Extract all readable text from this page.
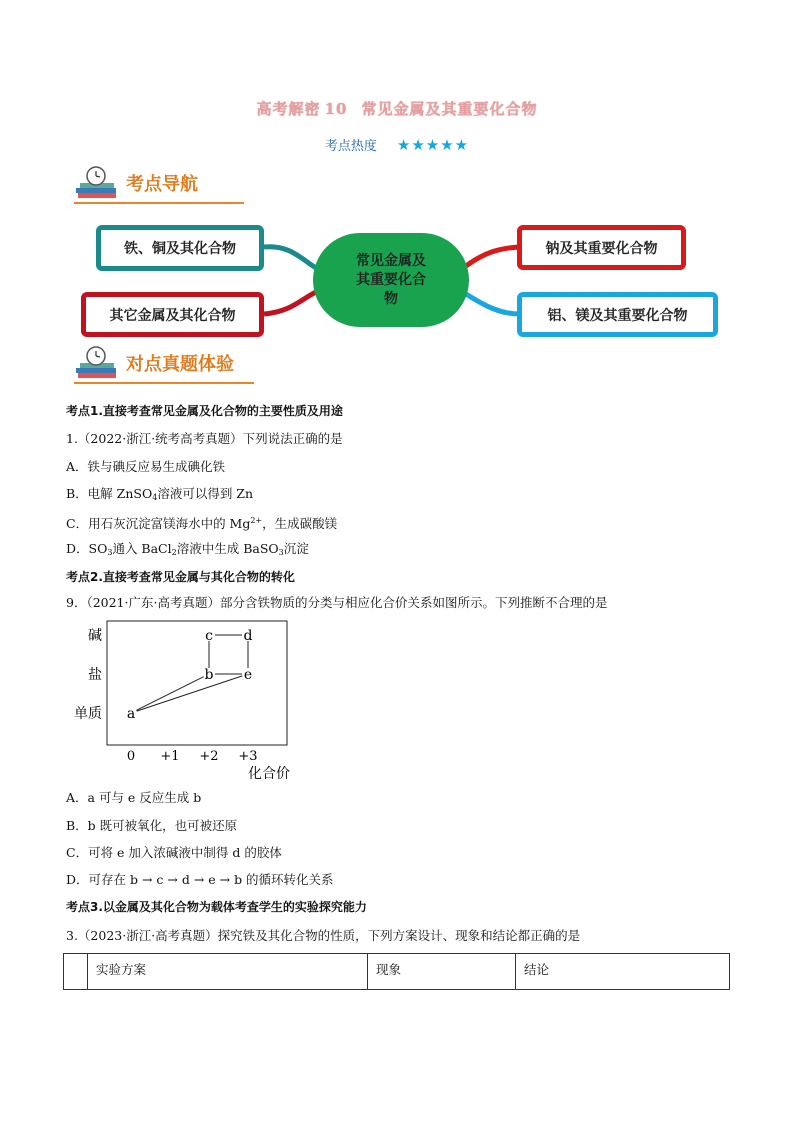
高考解密 10 常见金属及其重要化合物
考点热度 ★★★★★
考点导航
铁、铜及其化合物
其它金属及其化合物
钠及其重要化合物
铝、镁及其重要化合物
常见金属及
其重要化合
物
对点真题体验
考点1.直接考查常见金属及化合物的主要性质及用途
1.（2022·浙江·统考高考真题）下列说法正确的是
A．铁与碘反应易生成碘化铁
B．电解 ZnSO$_4$溶液可以得到 Zn
C．用石灰沉淀富镁海水中的 $Mg^{2+}$，生成碳酸镁
D．$SO_3$通入 BaCl$_2$溶液中生成 BaSO$_3$沉淀
考点2.直接考查常见金属与其化合物的转化
9．（2021·广东·高考真题）部分含铁物质的分类与相应化合价关系如图所示。下列推断不合理的是
a
b
c d
e
单质
盐
碱
0 +1 +2 +3
化合价
A．a 可与 e 反应生成 b
B．b 既可被氧化，也可被还原
C．可将 e 加入浓碱液中制得 d 的胶体
D．可存在 b → c → d → e → b 的循环转化关系
考点3.以金属及其化合物为载体考查学生的实验探究能力
3.（2023·浙江·高考真题）探究铁及其化合物的性质，下列方案设计、现象和结论都正确的是
	实验方案	现象	结论
